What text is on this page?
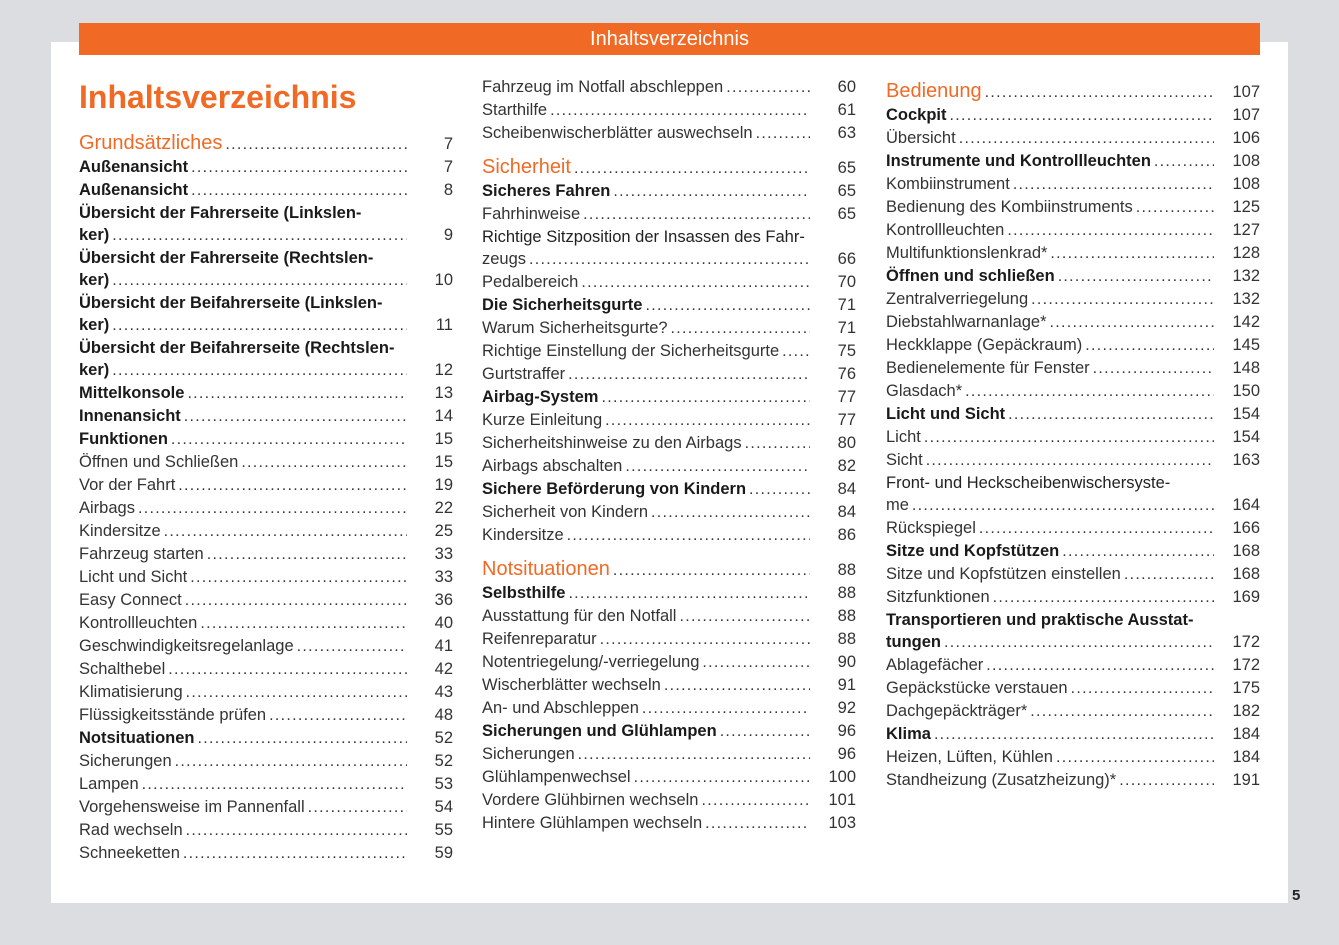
Inhaltsverzeichnis
Inhaltsverzeichnis
Grundsätzliches .....	7
Außenansicht .....	7
Außenansicht .....	8
Übersicht der Fahrerseite (Linkslen-
ker) .....	9
Übersicht der Fahrerseite (Rechtslen-
ker) .....	10
Übersicht der Beifahrerseite (Linkslen-
ker) .....	11
Übersicht der Beifahrerseite (Rechtslen-
ker) .....	12
Mittelkonsole .....	13
Innenansicht .....	14
Funktionen .....	15
Öffnen und Schließen .....	15
Vor der Fahrt .....	19
Airbags .....	22
Kindersitze .....	25
Fahrzeug starten .....	33
Licht und Sicht .....	33
Easy Connect .....	36
Kontrollleuchten .....	40
Geschwindigkeitsregelanlage .....	41
Schalthebel .....	42
Klimatisierung .....	43
Flüssigkeitsstände prüfen .....	48
Notsituationen .....	52
Sicherungen .....	52
Lampen .....	53
Vorgehensweise im Pannenfall .....	54
Rad wechseln .....	55
Schneeketten .....	59
Fahrzeug im Notfall abschleppen .....	60
Starthilfe .....	61
Scheibenwischerblätter auswechseln .....	63
Sicherheit .....	65
Sicheres Fahren .....	65
Fahrhinweise .....	65
Richtige Sitzposition der Insassen des Fahr-
zeugs .....	66
Pedalbereich .....	70
Die Sicherheitsgurte .....	71
Warum Sicherheitsgurte? .....	71
Richtige Einstellung der Sicherheitsgurte .....	75
Gurtstraffer .....	76
Airbag-System .....	77
Kurze Einleitung .....	77
Sicherheitshinweise zu den Airbags .....	80
Airbags abschalten .....	82
Sichere Beförderung von Kindern .....	84
Sicherheit von Kindern .....	84
Kindersitze .....	86
Notsituationen .....	88
Selbsthilfe .....	88
Ausstattung für den Notfall .....	88
Reifenreparatur .....	88
Notentriegelung/-verriegelung .....	90
Wischerblätter wechseln .....	91
An- und Abschleppen .....	92
Sicherungen und Glühlampen .....	96
Sicherungen .....	96
Glühlampenwechsel .....	100
Vordere Glühbirnen wechseln .....	101
Hintere Glühlampen wechseln .....	103
Bedienung .....	107
Cockpit .....	107
Übersicht .....	106
Instrumente und Kontrollleuchten .....	108
Kombiinstrument .....	108
Bedienung des Kombiinstruments .....	125
Kontrollleuchten .....	127
Multifunktionslenkrad* .....	128
Öffnen und schließen .....	132
Zentralverriegelung .....	132
Diebstahlwarnanlage* .....	142
Heckklappe (Gepäckraum) .....	145
Bedienelemente für Fenster .....	148
Glasdach* .....	150
Licht und Sicht .....	154
Licht .....	154
Sicht .....	163
Front- und Heckscheibenwischersyste-
me .....	164
Rückspiegel .....	166
Sitze und Kopfstützen .....	168
Sitze und Kopfstützen einstellen .....	168
Sitzfunktionen .....	169
Transportieren und praktische Ausstat-
tungen .....	172
Ablagefächer .....	172
Gepäckstücke verstauen .....	175
Dachgepäckträger* .....	182
Klima .....	184
Heizen, Lüften, Kühlen .....	184
Standheizung (Zusatzheizung)* .....	191
5
